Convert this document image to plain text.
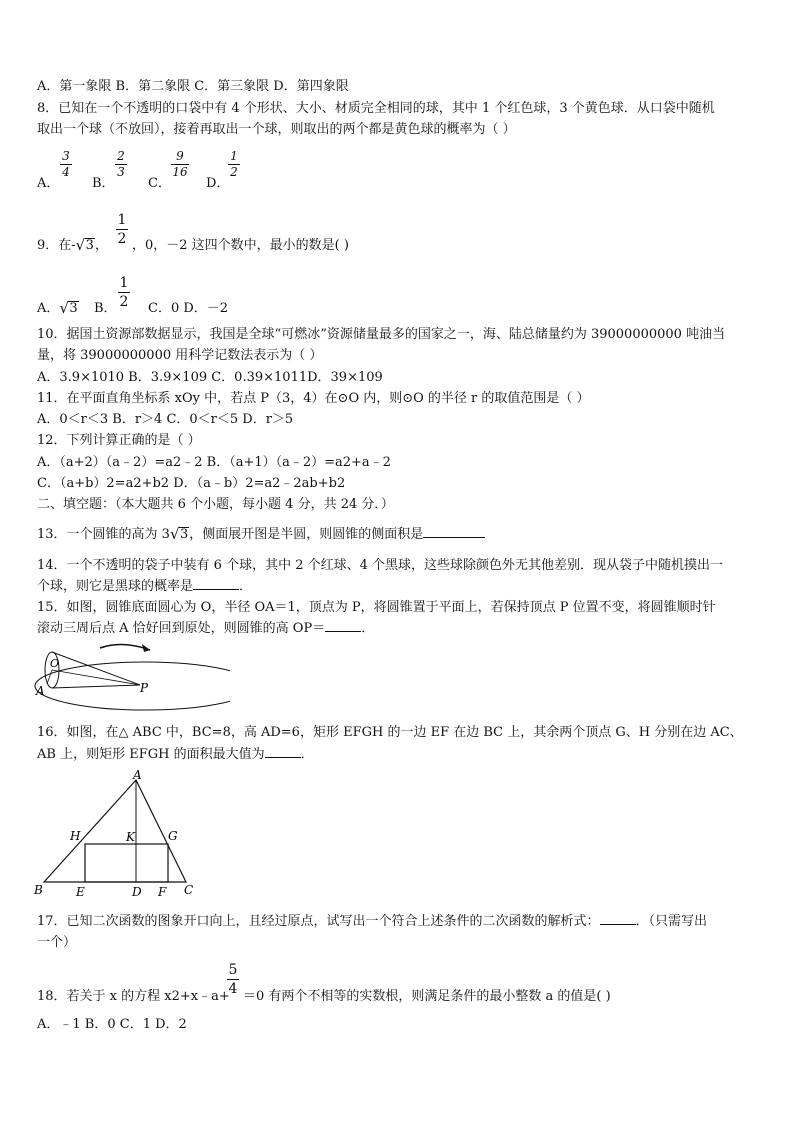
A．第一象限 B．第二象限 C．第三象限 D．第四象限
8．已知在一个不透明的口袋中有 4 个形状、大小、材质完全相同的球，其中 1 个红色球，3 个黄色球．从口袋中随机
取出一个球（不放回），接着再取出一个球，则取出的两个都是黄色球的概率为（ ）
A．
3
4
B．
2
3
C．
9
16
D．
1
2
9．在- √ 3，
1
2 ，0，－2 这四个数中，最小的数是( )
A． √ 3 B．
1
2 C．0 D．－2
10．据国土资源部数据显示，我国是全球“可燃冰”资源储量最多的国家之一，海、陆总储量约为 39000000000 吨油当
量，将 39000000000 用科学记数法表示为（ ）
A．3.9×1010 B．3.9×109 C．0.39×1011D．39×109
11．在平面直角坐标系 xOy 中，若点 P（3，4）在⊙O 内，则⊙O 的半径 r 的取值范围是（ ）
A．0＜r＜3 B．r＞4 C．0＜r＜5 D．r＞5
12．下列计算正确的是（ ）
A．（a+2）（a﹣2）=a2﹣2 B．（a+1）（a﹣2）=a2+a﹣2
C．（a+b）2=a2+b2 D．（a﹣b）2=a2﹣2ab+b2
二、填空题：（本大题共 6 个小题，每小题 4 分，共 24 分．）
13．一个圆锥的高为 3 √ 3，侧面展开图是半圆，则圆锥的侧面积是
14．一个不透明的袋子中装有 6 个球，其中 2 个红球、4 个黑球，这些球除颜色外无其他差别．现从袋子中随机摸出一
个球，则它是黑球的概率是	．
15．如图，圆锥底面圆心为 O，半径 OA＝1，顶点为 P，将圆锥置于平面上，若保持顶点 P 位置不变，将圆锥顺时针
滚动三周后点 A 恰好回到原处，则圆锥的高 OP＝	．
O
A	P
16．如图，在△ ABC 中，BC=8，高 AD=6，矩形 EFGH 的一边 EF 在边 BC 上，其余两个顶点 G、H 分别在边 AC、
AB 上，则矩形 EFGH 的面积最大值为	．
A
H	K	G
B	E	D F C
17．已知二次函数的图象开口向上，且经过原点，试写出一个符合上述条件的二次函数的解析式：	．（只需写出
一个）
18．若关于 x 的方程 x2+x﹣a+
5
4 ＝0 有两个不相等的实数根，则满足条件的最小整数 a 的值是( )
A．﹣1 B．0 C．1 D．2
